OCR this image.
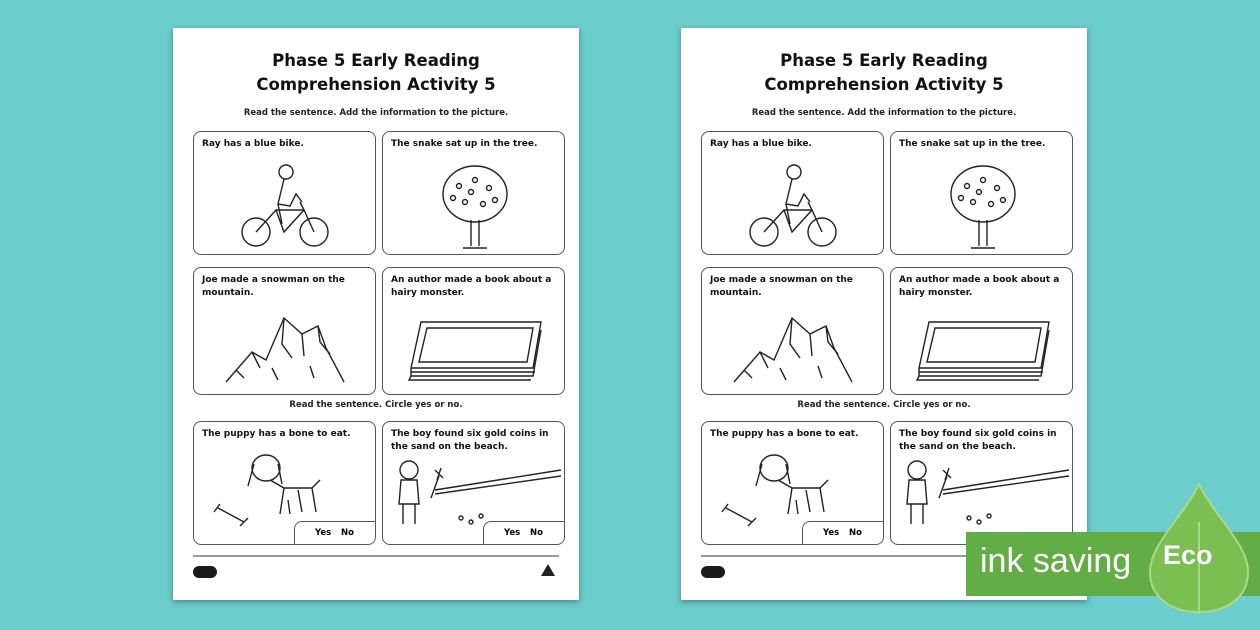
Phase 5 Early Reading
Comprehension Activity 5
Read the sentence. Add the information to the picture.
Ray has a blue bike.	The snake sat up in the tree.
Joe made a snowman on the mountain.
An author made a book about a hairy monster.
Read the sentence. Circle yes or no.
The puppy has a bone to eat.
Yes No
The boy found six gold coins in the sand on the beach.
Yes No
Phase 5 Early Reading
Comprehension Activity 5
Read the sentence. Add the information to the picture.
Ray has a blue bike.	The snake sat up in the tree.
Joe made a snowman on the mountain.
An author made a book about a hairy monster.
Read the sentence. Circle yes or no.
The puppy has a bone to eat.
Yes No
The boy found six gold coins in the sand on the beach.
ink saving Eco
